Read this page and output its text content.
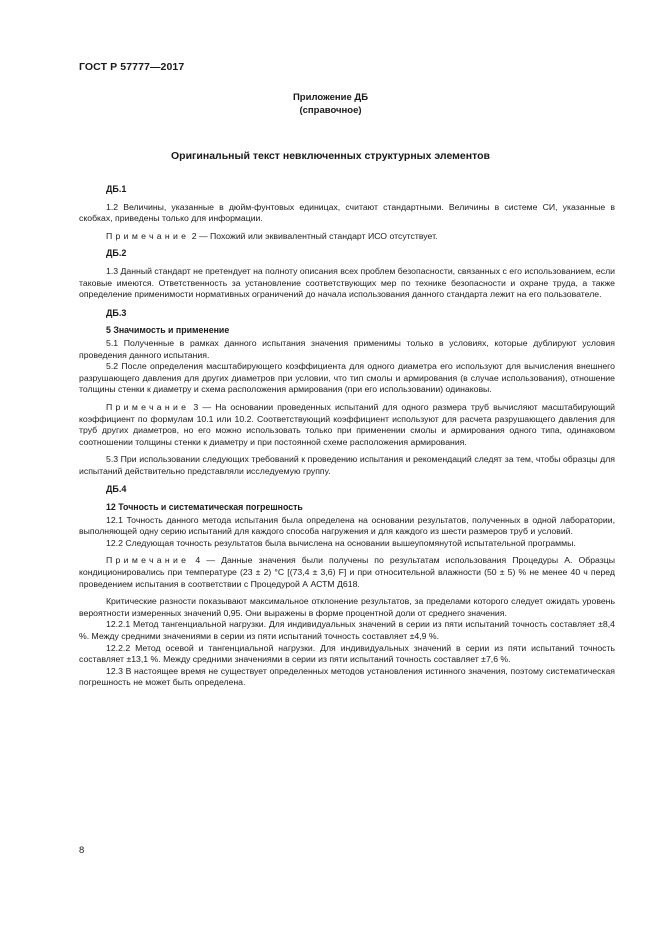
ГОСТ Р 57777—2017
Приложение ДБ
(справочное)
Оригинальный текст невключенных структурных элементов
ДБ.1

1.2 Величины, указанные в дюйм-фунтовых единицах, считают стандартными. Величины в системе СИ, указанные в скобках, приведены только для информации.

Примечание 2 — Похожий или эквивалентный стандарт ИСО отсутствует.

ДБ.2

1.3 Данный стандарт не претендует на полноту описания всех проблем безопасности, связанных с его использованием, если таковые имеются. Ответственность за установление соответствующих мер по технике безопасности и охране труда, а также определение применимости нормативных ограничений до начала использования данного стандарта лежит на его пользователе.

ДБ.3
5 Значимость и применение

5.1 Полученные в рамках данного испытания значения применимы только в условиях, которые дублируют условия проведения данного испытания.

5.2 После определения масштабирующего коэффициента для одного диаметра его используют для вычисления внешнего разрушающего давления для других диаметров при условии, что тип смолы и армирования (в случае использования), отношение толщины стенки к диаметру и схема расположения армирования (при его использовании) одинаковы.

Примечание 3 — На основании проведенных испытаний для одного размера труб вычисляют масштабирующий коэффициент по формулам 10.1 или 10.2. Соответствующий коэффициент используют для расчета разрушающего давления для труб других диаметров, но его можно использовать только при применении смолы и армирования одного типа, одинаковом соотношении толщины стенки к диаметру и при постоянной схеме расположения армирования.

5.3 При использовании следующих требований к проведению испытания и рекомендаций следят за тем, чтобы образцы для испытаний действительно представляли исследуемую группу.

ДБ.4
12 Точность и систематическая погрешность

12.1 Точность данного метода испытания была определена на основании результатов, полученных в одной лаборатории, выполняющей одну серию испытаний для каждого способа нагружения и для каждого из шести размеров труб и условий.

12.2 Следующая точность результатов была вычислена на основании вышеупомянутой испытательной программы.

Примечание 4 — Данные значения были получены по результатам использования Процедуры А. Образцы кондиционировались при температуре (23 ± 2) °С [(73,4 ± 3,6) F] и при относительной влажности (50 ± 5) % не менее 40 ч перед проведением испытания в соответствии с Процедурой А АСТМ Д618.

Критические разности показывают максимальное отклонение результатов, за пределами которого следует ожидать уровень вероятности измеренных значений 0,95. Они выражены в форме процентной доли от среднего значения.

12.2.1 Метод тангенциальной нагрузки. Для индивидуальных значений в серии из пяти испытаний точность составляет ±8,4 %. Между средними значениями в серии из пяти испытаний точность составляет ±4,9 %.

12.2.2 Метод осевой и тангенциальной нагрузки. Для индивидуальных значений в серии из пяти испытаний точность составляет ±13,1 %. Между средними значениями в серии из пяти испытаний точность составляет ±7,6 %.

12.3 В настоящее время не существует определенных методов установления истинного значения, поэтому систематическая погрешность не может быть определена.

8
